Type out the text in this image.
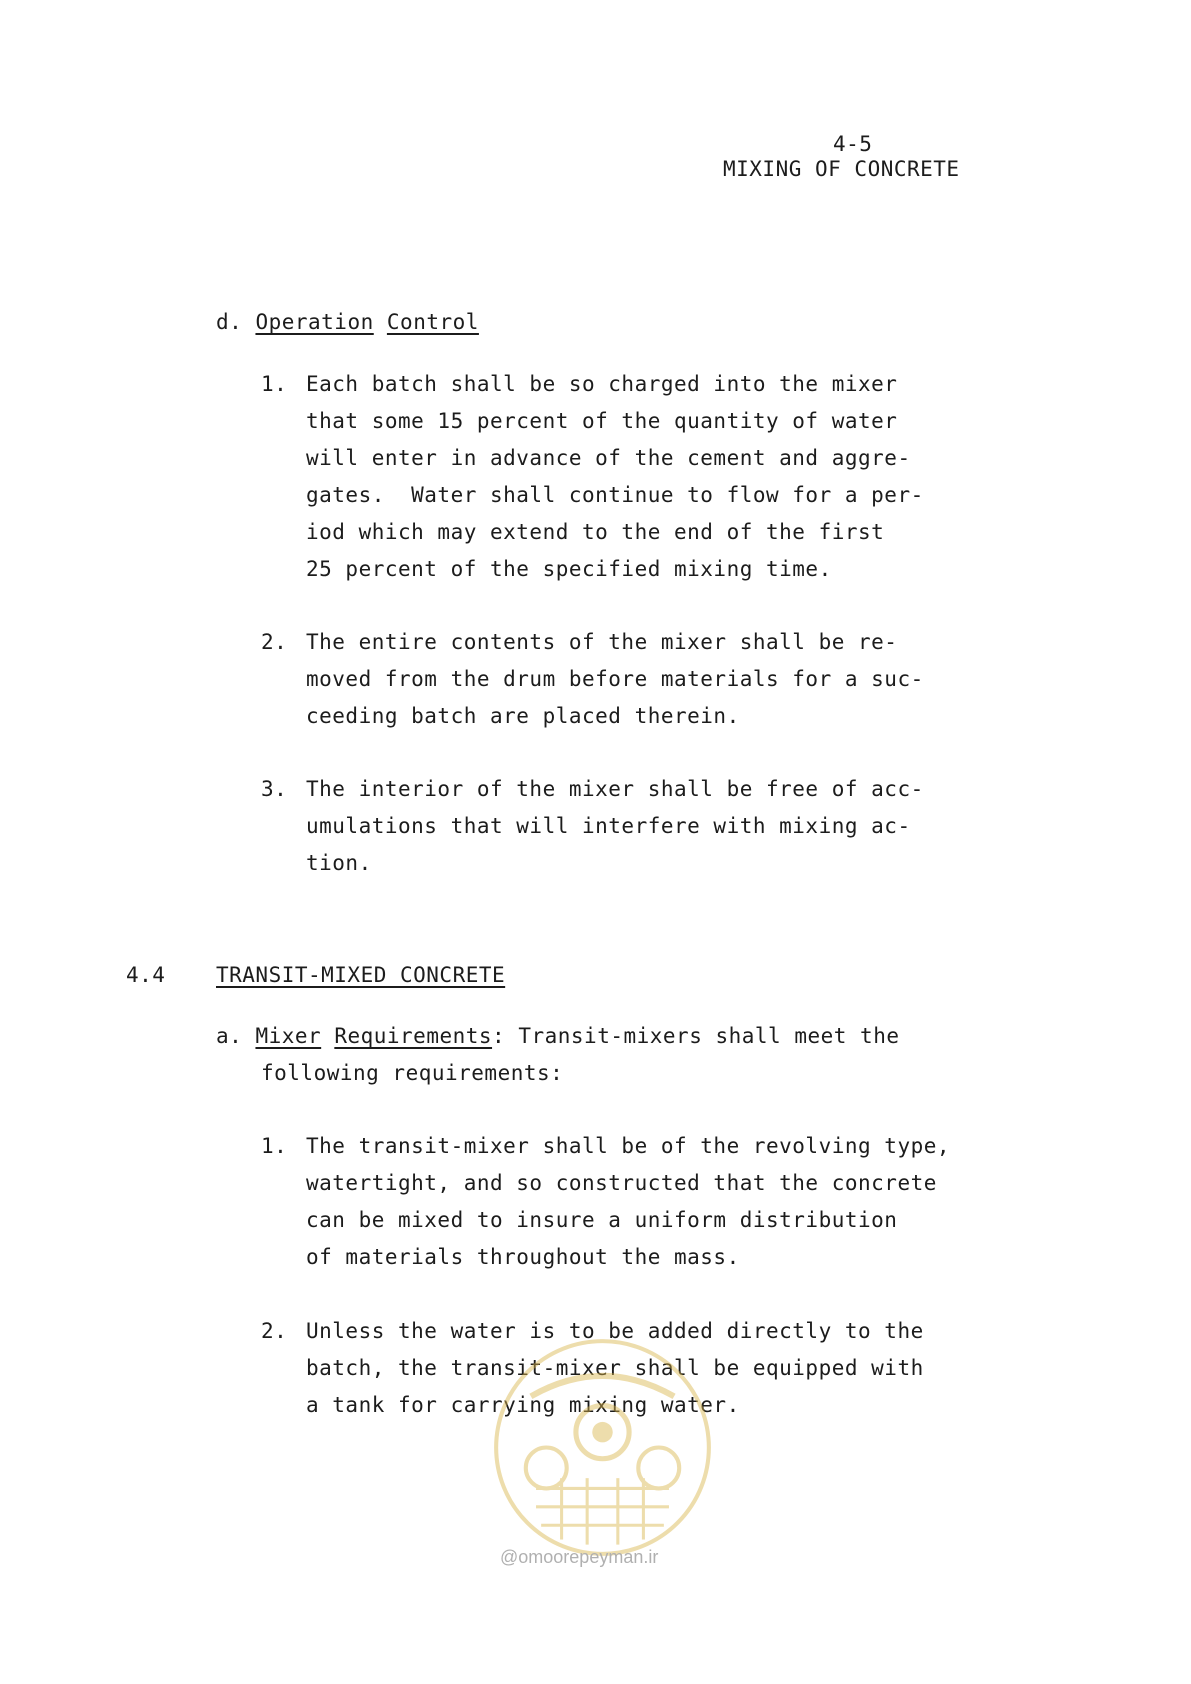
4-5
MIXING OF CONCRETE
d. Operation Control
1. Each batch shall be so charged into the mixer
that some 15 percent of the quantity of water
will enter in advance of the cement and aggre-
gates.  Water shall continue to flow for a per-
iod which may extend to the end of the first
25 percent of the specified mixing time.
2. The entire contents of the mixer shall be re-
moved from the drum before materials for a suc-
ceeding batch are placed therein.
3. The interior of the mixer shall be free of acc-
umulations that will interfere with mixing ac-
tion.
4.4 TRANSIT-MIXED CONCRETE
a. Mixer Requirements: Transit-mixers shall meet the
following requirements:
1. The transit-mixer shall be of the revolving type,
watertight, and so constructed that the concrete
can be mixed to insure a uniform distribution
of materials throughout the mass.
2. Unless the water is to be added directly to the
batch, the transit-mixer shall be equipped with
a tank for carrying mixing water.
@omoorepeyman.ir
